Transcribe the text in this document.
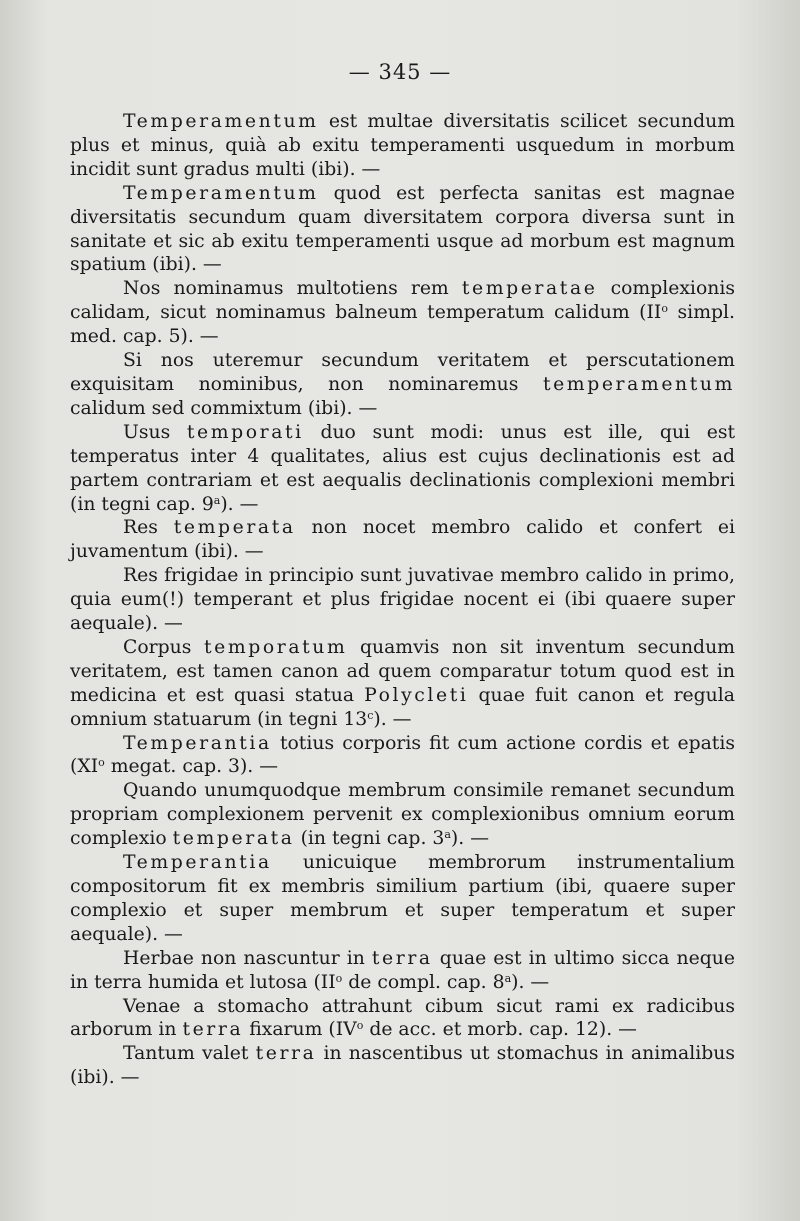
— 345 —

Temperamentum est multae diversitatis scilicet secundum plus et minus, quià ab exitu temperamenti usquedum in morbum incidit sunt gradus multi (ibi). —

Temperamentum quod est perfecta sanitas est magnae diversitatis secundum quam diversitatem corpora diversa sunt in sanitate et sic ab exitu temperamenti usque ad morbum est magnum spatium (ibi). —

Nos nominamus multotiens rem temperatae complexionis calidam, sicut nominamus balneum temperatum calidum ($II^o$ simpl. med. cap. 5). —

Si nos uteremur secundum veritatem et perscutationem exquisitam nominibus, non nominaremus temperamentum calidum sed commixtum (ibi). —

Usus temporati duo sunt modi: unus est ille, qui est temperatus inter 4 qualitates, alius est cujus declinationis est ad partem contrariam et est aequalis declinationis complexioni membri (in tegni cap. 9$^a$). —

Res temperata non nocet membro calido et confert ei juvamentum (ibi). —

Res frigidae in principio sunt juvativae membro calido in primo, quia eum(!) temperant et plus frigidae nocent ei (ibi quaere super aequale). —

Corpus temporatum quamvis non sit inventum secundum veritatem, est tamen canon ad quem comparatur totum quod est in medicina et est quasi statua Polycleti quae fuit canon et regula omnium statuarum (in tegni 13$^c$). —

Temperantia totius corporis fit cum actione cordis et epatis ($XI^o$ megat. cap. 3). —

Quando unumquodque membrum consimile remanet secundum propriam complexionem pervenit ex complexionibus omnium eorum complexio temperata (in tegni cap. 3$^a$). —

Temperantia unicuique membrorum instrumentalium compositorum fit ex membris similium partium (ibi, quaere super complexio et super membrum et super temperatum et super aequale). —

Herbae non nascuntur in terra quae est in ultimo sicca neque in terra humida et lutosa ($II^o$ de compl. cap. 8$^a$). —

Venae a stomacho attrahunt cibum sicut rami ex radicibus arborum in terra fixarum ($IV^o$ de acc. et morb. cap. 12). —

Tantum valet terra in nascentibus ut stomachus in animalibus (ibi). —
